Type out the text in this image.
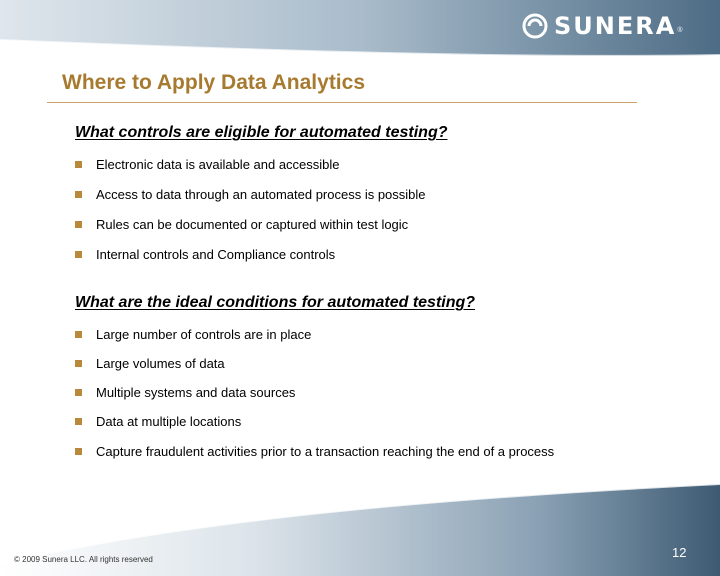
SUNERA ®
Where to Apply Data Analytics
What controls are eligible for automated testing?
Electronic data is available and accessible
Access to data through an automated process is possible
Rules can be documented or captured within test logic
Internal controls and Compliance controls
What are the ideal conditions for automated testing?
Large number of controls are in place
Large volumes of data
Multiple systems and data sources
Data at multiple locations
Capture fraudulent activities prior to a transaction reaching the end of a process
© 2009 Sunera LLC. All rights reserved	12
